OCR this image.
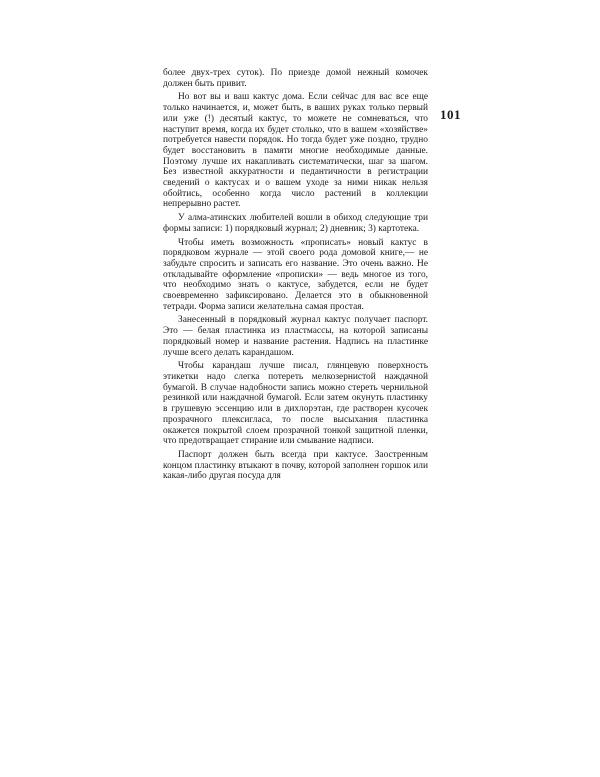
101

более двух-трех суток). По приезде домой нежный комочек должен быть привит.

Но вот вы и ваш кактус дома. Если сейчас для вас все еще только начинается, и, может быть, в ваших руках только первый или уже (!) десятый кактус, то можете не сомневаться, что наступит время, когда их будет столько, что в вашем «хозяйстве» потребуется навести порядок. Но тогда будет уже поздно, трудно будет восстановить в памяти многие необходимые данные. Поэтому лучше их накапливать систематически, шаг за шагом. Без известной аккуратности и педантичности в регистрации сведений о кактусах и о вашем уходе за ними никак нельзя обойтись, особенно когда число растений в коллекции непрерывно растет.

У алма-атинских любителей вошли в обиход следующие три формы записи: 1) порядковый журнал; 2) дневник; 3) картотека.

Чтобы иметь возможность «прописать» новый кактус в порядковом журнале — этой своего рода домовой книге,— не забудьте спросить и записать его название. Это очень важно. Не откладывайте оформление «прописки» — ведь многое из того, что необходимо знать о кактусе, забудется, если не будет своевременно зафиксировано. Делается это в обыкновенной тетради. Форма записи желательна самая простая.

Занесенный в порядковый журнал кактус получает паспорт. Это — белая пластинка из пластмассы, на которой записаны порядковый номер и название растения. Надпись на пластинке лучше всего делать карандашом.

Чтобы карандаш лучше писал, глянцевую поверхность этикетки надо слегка потереть мелкозернистой наждачной бумагой. В случае надобности запись можно стереть чернильной резинкой или наждачной бумагой. Если затем окунуть пластинку в грушевую эссенцию или в дихлорэтан, где растворен кусочек прозрачного плексигласа, то после высыхания пластинка окажется покрытой слоем прозрачной тонкой защитной пленки, что предотвращает стирание или смывание надписи.

Паспорт должен быть всегда при кактусе. Заостренным концом пластинку втыкают в почву, которой заполнен горшок или какая-либо другая посуда для
